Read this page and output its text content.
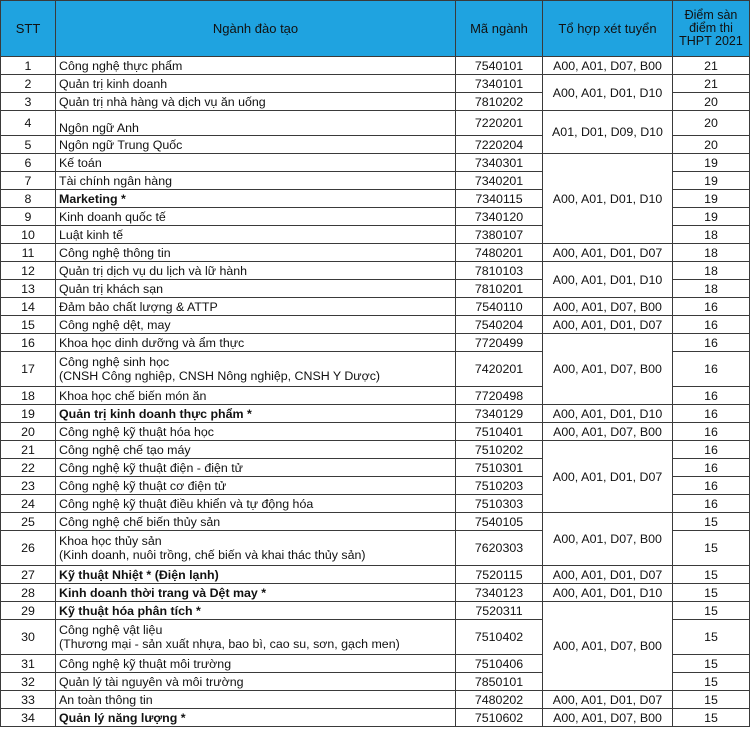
STT	Ngành đào tạo	Mã ngành	Tổ hợp xét tuyển	Điểm sàn
điểm thi
THPT 2021

1	Công nghệ thực phẩm	7540101	A00, A01, D07, B00	21
2	Quản trị kinh doanh	7340101	A00, A01, D01, D10	21
3	Quản trị nhà hàng và dịch vụ ăn uống	7810202		20
4	Ngôn ngữ Anh	7220201	A01, D01, D09, D10	20
5	Ngôn ngữ Trung Quốc	7220204		20
6	Kế toán	7340301	A00, A01, D01, D10	19
7	Tài chính ngân hàng	7340201		19
8	Marketing *	7340115		19
9	Kinh doanh quốc tế	7340120		19
10	Luật kinh tế	7380107		18
11	Công nghệ thông tin	7480201	A00, A01, D01, D07	18
12	Quản trị dịch vụ du lịch và lữ hành	7810103	A00, A01, D01, D10	18
13	Quản trị khách sạn	7810201		18
14	Đảm bảo chất lượng & ATTP	7540110	A00, A01, D07, B00	16
15	Công nghệ dệt, may	7540204	A00, A01, D01, D07	16
16	Khoa học dinh dưỡng và ẩm thực	7720499	A00, A01, D07, B00	16
17	Công nghệ sinh học
(CNSH Công nghiệp, CNSH Nông nghiệp, CNSH Y Dược)	7420201		16
18	Khoa học chế biến món ăn	7720498		16
19	Quản trị kinh doanh thực phẩm *	7340129	A00, A01, D01, D10	16
20	Công nghệ kỹ thuật hóa học	7510401	A00, A01, D07, B00	16
21	Công nghệ chế tạo máy	7510202	A00, A01, D01, D07	16
22	Công nghệ kỹ thuật điện - điện tử	7510301		16
23	Công nghệ kỹ thuật cơ điện tử	7510203		16
24	Công nghệ kỹ thuật điều khiển và tự động hóa	7510303		16
25	Công nghệ chế biến thủy sản	7540105	A00, A01, D07, B00	15
26	Khoa học thủy sản
(Kinh doanh, nuôi trồng, chế biến và khai thác thủy sản)	7620303		15
27	Kỹ thuật Nhiệt * (Điện lạnh)	7520115	A00, A01, D01, D07	15
28	Kinh doanh thời trang và Dệt may *	7340123	A00, A01, D01, D10	15
29	Kỹ thuật hóa phân tích *	7520311	A00, A01, D07, B00	15
30	Công nghệ vật liệu
(Thương mại - sản xuất nhựa, bao bì, cao su, sơn, gạch men)	7510402		15
31	Công nghệ kỹ thuật môi trường	7510406		15
32	Quản lý tài nguyên và môi trường	7850101		15
33	An toàn thông tin	7480202	A00, A01, D01, D07	15
34	Quản lý năng lượng *	7510602	A00, A01, D07, B00	15
